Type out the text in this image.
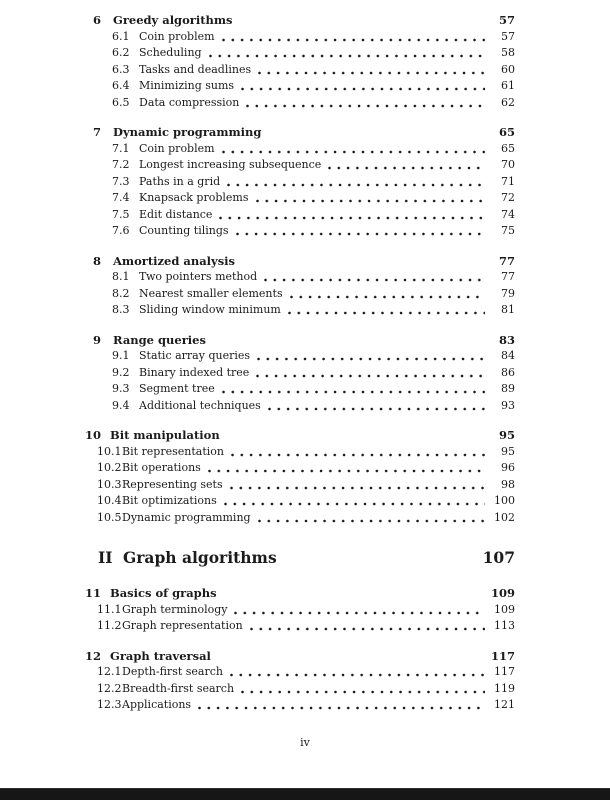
6	Greedy algorithms	57
6.1 Coin problem	57
6.2 Scheduling	58
6.3 Tasks and deadlines	60
6.4 Minimizing sums	61
6.5 Data compression	62
7	Dynamic programming	65
7.1 Coin problem	65
7.2 Longest increasing subsequence	70
7.3 Paths in a grid	71
7.4 Knapsack problems	72
7.5 Edit distance	74
7.6 Counting tilings	75
8	Amortized analysis	77
8.1 Two pointers method	77
8.2 Nearest smaller elements	79
8.3 Sliding window minimum	81
9	Range queries	83
9.1 Static array queries	84
9.2 Binary indexed tree	86
9.3 Segment tree	89
9.4 Additional techniques	93
10 Bit manipulation	95
10.1 Bit representation	95
10.2 Bit operations	96
10.3 Representing sets	98
10.4 Bit optimizations	100
10.5 Dynamic programming	102
II Graph algorithms	107
11 Basics of graphs	109
11.1 Graph terminology	109
11.2 Graph representation	113
12 Graph traversal	117
12.1 Depth-first search	117
12.2 Breadth-first search	119
12.3 Applications	121
iv
